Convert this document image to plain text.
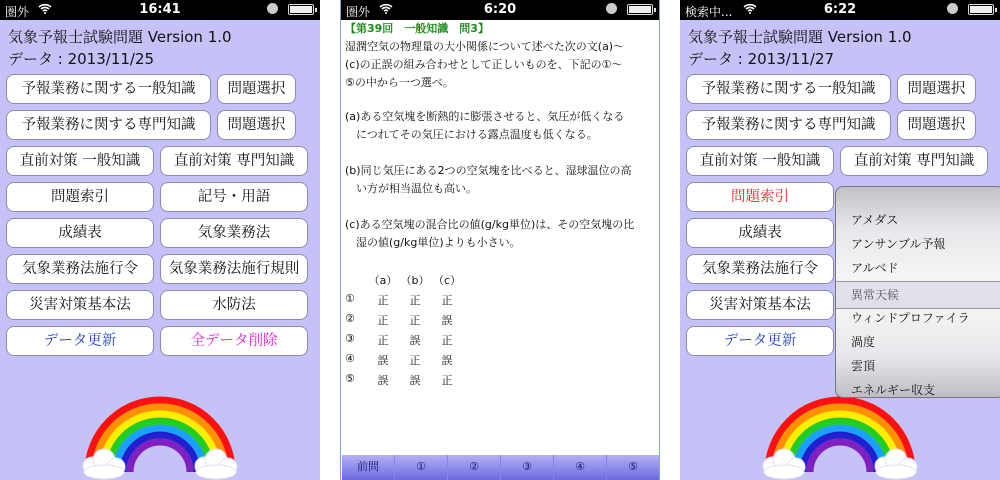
圏外	16:41
気象予報士試験問題 Version 1.0
データ : 2013/11/25
予報業務に関する一般知識	問題選択
予報業務に関する専門知識	問題選択
直前対策 一般知識	直前対策 専門知識
問題索引	記号・用語
成績表	気象業務法
気象業務法施行令	気象業務法施行規則
災害対策基本法	水防法
データ更新	全データ削除
圏外	6:20
【第39回　一般知識　問3】
湿潤空気の物理量の大小関係について述べた次の文(a)〜
(c)の正誤の組み合わせとして正しいものを、下記の①〜
⑤の中から一つ選べ。
(a)ある空気塊を断熱的に膨張させると、気圧が低くなる
　につれてその気圧における露点温度も低くなる。
(b)同じ気圧にある2つの空気塊を比べると、湿球温位の高
　い方が相当温位も高い。
(c)ある空気塊の混合比の値(g/kg単位)は、その空気塊の比
　湿の値(g/kg単位)よりも小さい。
（a） （b） （c）
①	正	正	正
②	正	正	誤
③	正	誤	正
④	誤	正	誤
⑤	誤	誤	正
前問	①	②	③	④	⑤
検索中...	6:22
気象予報士試験問題 Version 1.0
データ : 2013/11/27
予報業務に関する一般知識	問題選択
予報業務に関する専門知識	問題選択
直前対策 一般知識	直前対策 専門知識
問題索引
成績表
気象業務法施行令
災害対策基本法
データ更新
アメダス
アンサンブル予報
アルベド
異常天候
ウィンドプロファイラ
渦度
雲頂
エネルギー収支
